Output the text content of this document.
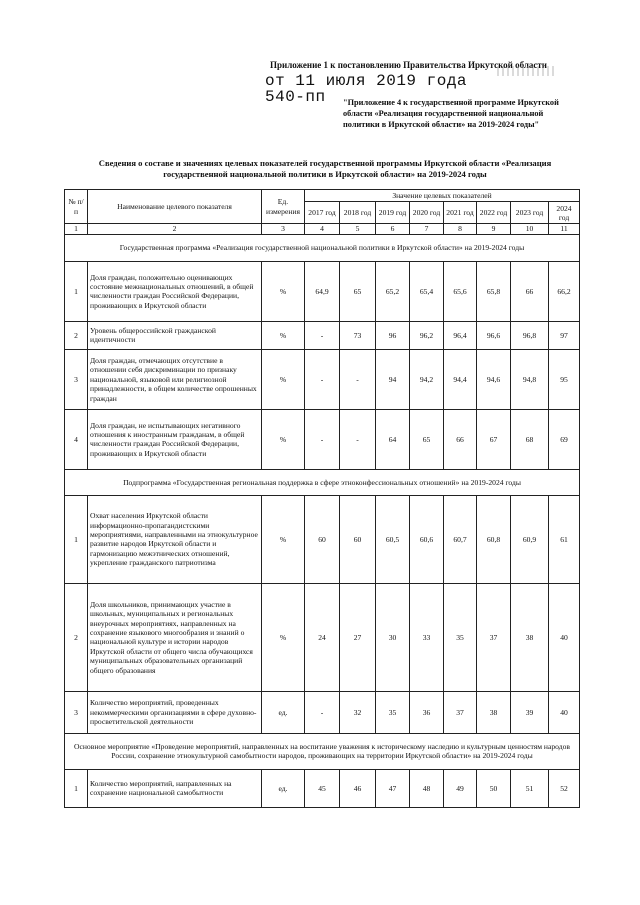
Приложение 1 к постановлению Правительства Иркутской области
от 11 июля 2019 года
540-пп "Приложение 4 к государственной программе Иркутской области «Реализация государственной национальной политики в Иркутской области» на 2019-2024 годы"
Сведения о составе и значениях целевых показателей государственной программы Иркутской области «Реализация государственной национальной политики в Иркутской области» на 2019-2024 годы
№ п/п	Наименование целевого показателя	Ед. измерения	Значение целевых показателей							
			2017 год	2018 год	2019 год	2020 год	2021 год	2022 год	2023 год	2024 год
1	2	3	4	5	6	7	8	9	10	11
Государственная программа «Реализация государственной национальной политики в Иркутской области» на 2019-2024 годы										
1	Доля граждан, положительно оценивающих состояние межнациональных отношений, в общей численности граждан Российской Федерации, проживающих в Иркутской области	%	64,9	65	65,2	65,4	65,6	65,8	66	66,2
2	Уровень общероссийской гражданской идентичности	%	-	73	96	96,2	96,4	96,6	96,8	97
3	Доля граждан, отмечающих отсутствие в отношении себя дискриминации по признаку национальной, языковой или религиозной принадлежности, в общем количестве опрошенных граждан	%	-	-	94	94,2	94,4	94,6	94,8	95
4	Доля граждан, не испытывающих негативного отношения к иностранным гражданам, в общей численности граждан Российской Федерации, проживающих в Иркутской области	%	-	-	64	65	66	67	68	69
Подпрограмма «Государственная региональная поддержка в сфере этноконфессиональных отношений» на 2019-2024 годы										
1	Охват населения Иркутской области информационно-пропагандистскими мероприятиями, направленными на этнокультурное развитие народов Иркутской области и гармонизацию межэтнических отношений, укрепление гражданского патриотизма	%	60	60	60,5	60,6	60,7	60,8	60,9	61
2	Доля школьников, принимающих участие в школьных, муниципальных и региональных внеурочных мероприятиях, направленных на сохранение языкового многообразия и знаний о национальной культуре и истории народов Иркутской области от общего числа обучающихся муниципальных образовательных организаций общего образования	%	24	27	30	33	35	37	38	40
3	Количество мероприятий, проведенных некоммерческими организациями в сфере духовно-просветительской деятельности	ед.	-	32	35	36	37	38	39	40
Основное мероприятие «Проведение мероприятий, направленных на воспитание уважения к историческому наследию и культурным ценностям народов России, сохранение этнокультурной самобытности народов, проживающих на территории Иркутской области» на 2019-2024 годы										
1	Количество мероприятий, направленных на сохранение национальной самобытности	ед.	45	46	47	48	49	50	51	52
